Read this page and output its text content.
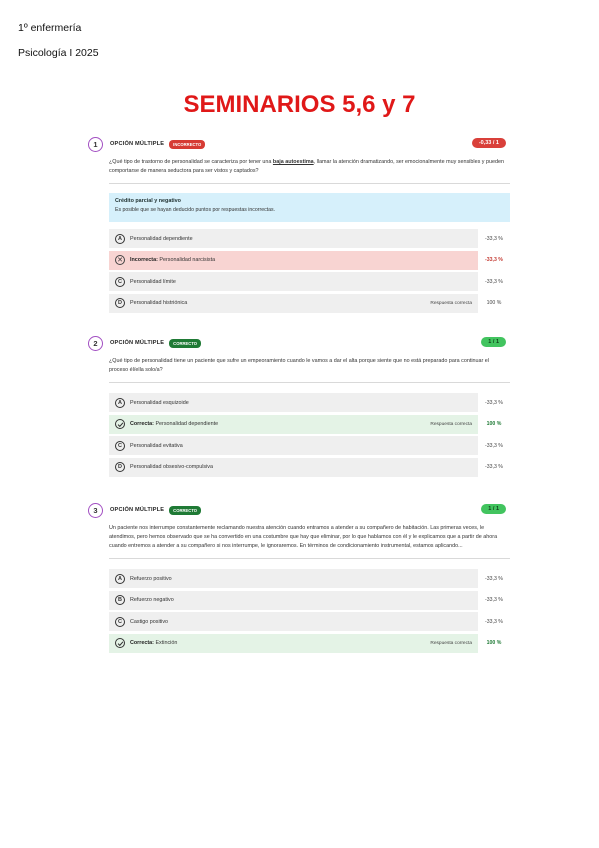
1º enfermería
Psicología I 2025
SEMINARIOS 5,6 y 7
1	OPCIÓN MÚLTIPLE	INCORRECTO	-0,33 / 1
¿Qué tipo de trastorno de personalidad se caracteriza por tener una baja autoestima, llamar la atención dramatizando, ser emocionalmente muy sensibles y pueden comportarse de manera seductora para ser vistos y captados?
Crédito parcial y negativo
Es posible que se hayan deducido puntos por respuestas incorrectas.
A	Personalidad dependiente	-33,3 %
✕	Incorrecta: Personalidad narcisista	-33,3 %
C	Personalidad límite	-33,3 %
D	Personalidad histriónica	Respuesta correcta	100 %
2	OPCIÓN MÚLTIPLE	CORRECTO	1 / 1
¿Qué tipo de personalidad tiene un paciente que sufre un empeoramiento cuando le vamos a dar el alta porque siente que no está preparado para continuar el proceso él/ella solo/a?
A	Personalidad esquizoide	-33,3 %
Correcta: Personalidad dependiente	Respuesta correcta	100 %
C	Personalidad evitativa	-33,3 %
D	Personalidad obsesivo-compulsiva	-33,3 %
3	OPCIÓN MÚLTIPLE	CORRECTO	1 / 1
Un paciente nos interrumpe constantemente reclamando nuestra atención cuando entramos a atender a su compañero de habitación. Las primeras veces, le atendimos, pero hemos observado que se ha convertido en una costumbre que hay que eliminar, por lo que hablamos con él y le explicamos que a partir de ahora cuando entremos a atender a su compañero si nos interrumpe, le ignoraremos. En términos de condicionamiento instrumental, estamos aplicando...
A	Refuerzo positivo	-33,3 %
B	Refuerzo negativo	-33,3 %
C	Castigo positivo	-33,3 %
Correcta: Extinción	Respuesta correcta	100 %
